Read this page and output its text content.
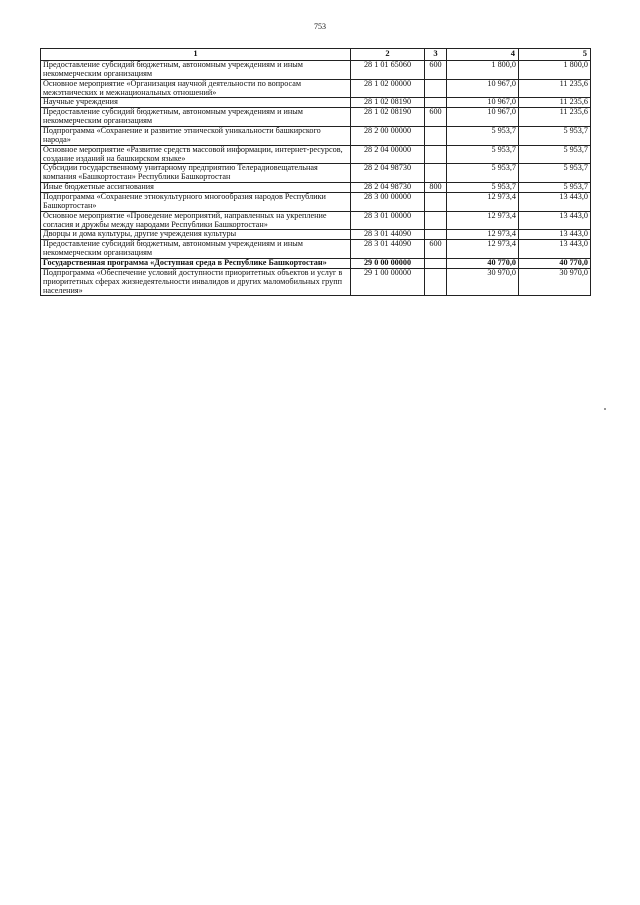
753
1	2	3	4	5
Предоставление субсидий бюджетным, автономным учреждениям и иным некоммерческим организациям	28 1 01 65060	600	1 800,0	1 800,0
Основное мероприятие «Организация научной деятельности по вопросам межэтнических и межнациональных отношений»	28 1 02 00000		10 967,0	11 235,6
Научные учреждения	28 1 02 08190		10 967,0	11 235,6
Предоставление субсидий бюджетным, автономным учреждениям и иным некоммерческим организациям	28 1 02 08190	600	10 967,0	11 235,6
Подпрограмма «Сохранение и развитие этнической уникальности башкирского народа»	28 2 00 00000		5 953,7	5 953,7
Основное мероприятие «Развитие средств массовой информации, интернет-ресурсов, создание изданий на башкирском языке»	28 2 04 00000		5 953,7	5 953,7
Субсидии государственному унитарному предприятию Телерадиовещательная компания «Башкортостан» Республики Башкортостан	28 2 04 98730		5 953,7	5 953,7
Иные бюджетные ассигнования	28 2 04 98730	800	5 953,7	5 953,7
Подпрограмма «Сохранение этнокультурного многообразия народов Республики Башкортостан»	28 3 00 00000		12 973,4	13 443,0
Основное мероприятие «Проведение мероприятий, направленных на укрепление согласия и дружбы между народами Республики Башкортостан»	28 3 01 00000		12 973,4	13 443,0
Дворцы и дома культуры, другие учреждения культуры	28 3 01 44090		12 973,4	13 443,0
Предоставление субсидий бюджетным, автономным учреждениям и иным некоммерческим организациям	28 3 01 44090	600	12 973,4	13 443,0
Государственная программа «Доступная среда в Республике Башкортостан»	29 0 00 00000		40 770,0	40 770,0
Подпрограмма «Обеспечение условий доступности приоритетных объектов и услуг в приоритетных сферах жизнедеятельности инвалидов и других маломобильных групп населения»	29 1 00 00000		30 970,0	30 970,0
